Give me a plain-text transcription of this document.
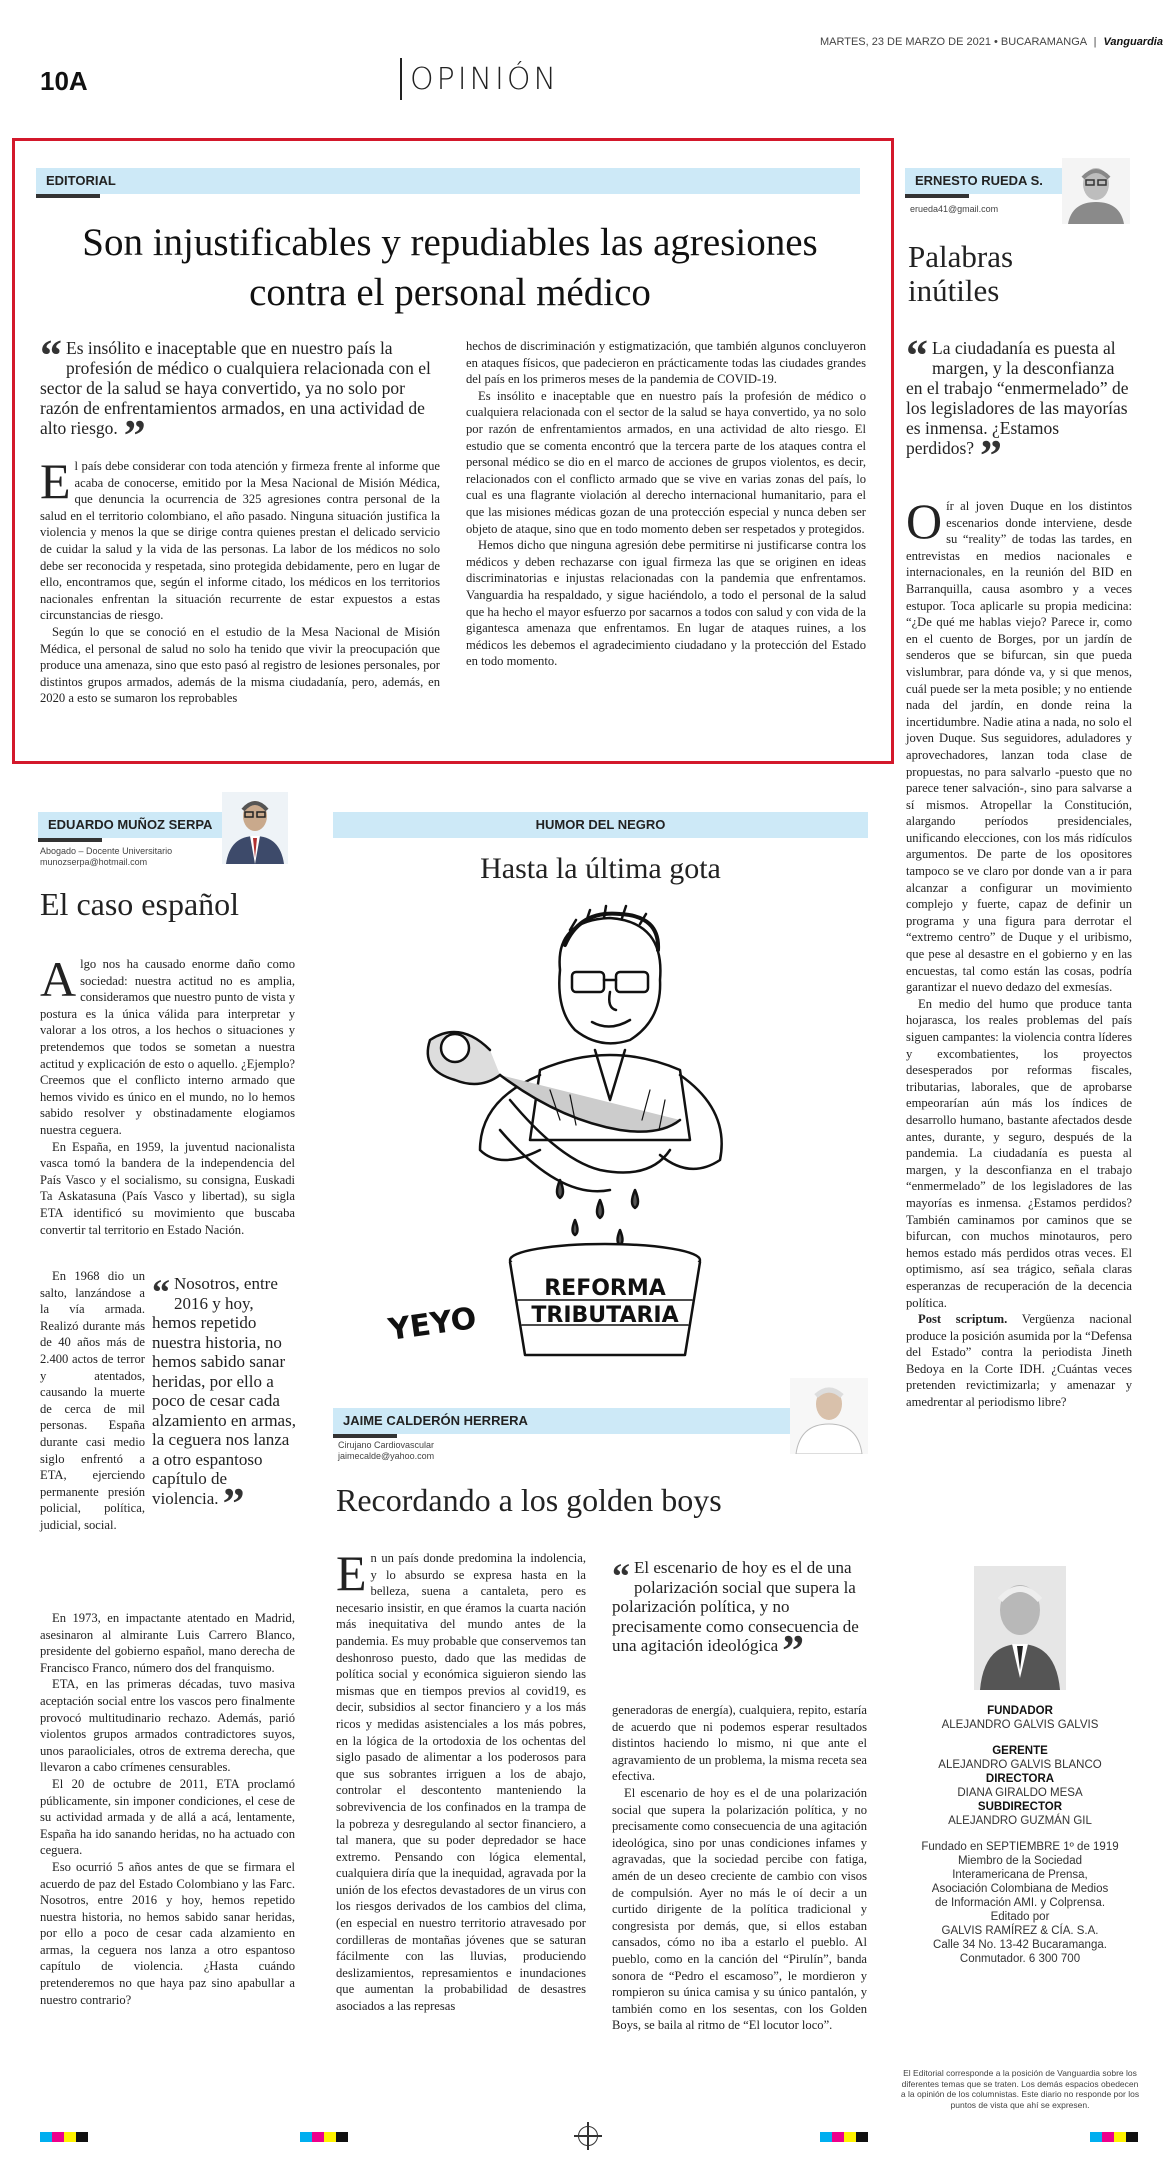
MARTES, 23 DE MARZO DE 2021 • BUCARAMANGA | Vanguardia
10A	OPINIÓN
EDITORIAL
Son injustificables y repudiables las agresiones contra el personal médico
“ Es insólito e inaceptable que en nuestro país la profesión de médico o cualquiera relacionada con el sector de la salud se haya convertido, ya no solo por razón de enfrentamientos armados, en una actividad de alto riesgo. ”

El país debe considerar con toda atención y firmeza frente al informe que acaba de conocerse, emitido por la Mesa Nacional de Misión Médica, que denuncia la ocurrencia de 325 agresiones contra personal de la salud en el territorio colombiano, el año pasado. Ninguna situación justifica la violencia y menos la que se dirige contra quienes prestan el delicado servicio de cuidar la salud y la vida de las personas. La labor de los médicos no solo debe ser reconocida y respetada, sino protegida debidamente, pero en lugar de ello, encontramos que, según el informe citado, los médicos en los territorios nacionales enfrentan la situación recurrente de estar expuestos a estas circunstancias de riesgo.

Según lo que se conoció en el estudio de la Mesa Nacional de Misión Médica, el personal de salud no solo ha tenido que vivir la preocupación que produce una amenaza, sino que esto pasó al registro de lesiones personales, por distintos grupos armados, además de la misma ciudadanía, pero, además, en 2020 a esto se sumaron los reprobables

hechos de discriminación y estigmatización, que también algunos concluyeron en ataques físicos, que padecieron en prácticamente todas las ciudades grandes del país en los primeros meses de la pandemia de COVID-19.

Es insólito e inaceptable que en nuestro país la profesión de médico o cualquiera relacionada con el sector de la salud se haya convertido, ya no solo por razón de enfrentamientos armados, en una actividad de alto riesgo. El estudio que se comenta encontró que la tercera parte de los ataques contra el personal médico se dio en el marco de acciones de grupos violentos, es decir, relacionados con el conflicto armado que se vive en varias zonas del país, lo cual es una flagrante violación al derecho internacional humanitario, para el que las misiones médicas gozan de una protección especial y nunca deben ser objeto de ataque, sino que en todo momento deben ser respetados y protegidos.

Hemos dicho que ninguna agresión debe permitirse ni justificarse contra los médicos y deben rechazarse con igual firmeza las que se originen en ideas discriminatorias e injustas relacionadas con la pandemia que enfrentamos. Vanguardia ha respaldado, y sigue haciéndolo, a todo el personal de la salud que ha hecho el mayor esfuerzo por sacarnos a todos con salud y con vida de la gigantesca amenaza que enfrentamos. En lugar de ataques ruines, a los médicos les debemos el agradecimiento ciudadano y la protección del Estado en todo momento.

ERNESTO RUEDA S.
erueda41@gmail.com
Palabras inútiles
“ La ciudadanía es puesta al margen, y la desconfianza en el trabajo “enmermelado” de los legisladores de las mayorías es inmensa. ¿Estamos perdidos? ”

Oír al joven Duque en los distintos escenarios donde interviene, desde su “reality” de todas las tardes, en entrevistas en medios nacionales e internacionales, en la reunión del BID en Barranquilla, causa asombro y a veces estupor. Toca aplicarle su propia medicina: “¿De qué me hablas viejo? Parece ir, como en el cuento de Borges, por un jardín de senderos que se bifurcan, sin que pueda vislumbrar, para dónde va, y si que menos, cuál puede ser la meta posible; y no entiende nada del jardín, en donde reina la incertidumbre. Nadie atina a nada, no solo el joven Duque. Sus seguidores, aduladores y aprovechadores, lanzan toda clase de propuestas, no para salvarlo -puesto que no parece tener salvación-, sino para salvarse a sí mismos. Atropellar la Constitución, alargando períodos presidenciales, unificando elecciones, con los más ridículos argumentos. De parte de los opositores tampoco se ve claro por donde van a ir para alcanzar a configurar un movimiento complejo y fuerte, capaz de definir un programa y una figura para derrotar el “extremo centro” de Duque y el uribismo, que pese al desastre en el gobierno y en las encuestas, tal como están las cosas, podría garantizar el nuevo dedazo del exmesías.

En medio del humo que produce tanta hojarasca, los reales problemas del país siguen campantes: la violencia contra líderes y excombatientes, los proyectos desesperados por reformas fiscales, tributarias, laborales, que de aprobarse empeorarían aún más los índices de desarrollo humano, bastante afectados desde antes, durante, y seguro, después de la pandemia. La ciudadanía es puesta al margen, y la desconfianza en el trabajo “enmermelado” de los legisladores de las mayorías es inmensa. ¿Estamos perdidos? También caminamos por caminos que se bifurcan, con muchos minotauros, pero hemos estado más perdidos otras veces. El optimismo, así sea trágico, señala claras esperanzas de recuperación de la decencia política.

Post scriptum. Vergüenza nacional produce la posición asumida por la “Defensa del Estado” contra la periodista Jineth Bedoya en la Corte IDH. ¿Cuántas veces pretenden revictimizarla; y amenazar y amedrentar al periodismo libre?

EDUARDO MUÑOZ SERPA
Abogado – Docente Universitario
munozserpa@hotmail.com
El caso español

Algo nos ha causado enorme daño como sociedad: nuestra actitud no es amplia, consideramos que nuestro punto de vista y postura es la única válida para interpretar y valorar a los otros, a los hechos o situaciones y pretendemos que todos se sometan a nuestra actitud y explicación de esto o aquello. ¿Ejemplo? Creemos que el conflicto interno armado que hemos vivido es único en el mundo, no lo hemos sabido resolver y obstinadamente elogiamos nuestra ceguera.

En España, en 1959, la juventud nacionalista vasca tomó la bandera de la independencia del País Vasco y el socialismo, su consigna, Euskadi Ta Askatasuna (País Vasco y libertad), su sigla ETA identificó su movimiento que buscaba convertir tal territorio en Estado Nación.

En 1968 dio un salto, lanzándose a la vía armada. Realizó durante más de 40 años más de 2.400 actos de terror y atentados, causando la muerte de cerca de mil personas. España durante casi medio siglo enfrentó a ETA, ejerciendo permanente presión policial, política, judicial, social.

“ Nosotros, entre 2016 y hoy, hemos repetido nuestra historia, no hemos sabido sanar heridas, por ello a poco de cesar cada alzamiento en armas, la ceguera nos lanza a otro espantoso capítulo de violencia.”

En 1973, en impactante atentado en Madrid, asesinaron al almirante Luis Carrero Blanco, presidente del gobierno español, mano derecha de Francisco Franco, número dos del franquismo.

ETA, en las primeras décadas, tuvo masiva aceptación social entre los vascos pero finalmente provocó multitudinario rechazo. Además, parió violentos grupos armados contradictores suyos, unos paraoliciales, otros de extrema derecha, que llevaron a cabo crímenes censurables.

El 20 de octubre de 2011, ETA proclamó públicamente, sin imponer condiciones, el cese de su actividad armada y de allá a acá, lentamente, España ha ido sanando heridas, no ha actuado con ceguera.

Eso ocurrió 5 años antes de que se firmara el acuerdo de paz del Estado Colombiano y las Farc. Nosotros, entre 2016 y hoy, hemos repetido nuestra historia, no hemos sabido sanar heridas, por ello a poco de cesar cada alzamiento en armas, la ceguera nos lanza a otro espantoso capítulo de violencia. ¿Hasta cuándo pretenderemos no que haya paz sino apabullar a nuestro contrario?

HUMOR DEL NEGRO
Hasta la última gota
REFORMA
TRIBUTARIA
YEYO
JAIME CALDERÓN HERRERA
Cirujano Cardiovascular
jaimecalde@yahoo.com
Recordando a los golden boys

En un país donde predomina la indolencia, y lo absurdo se expresa hasta en la belleza, suena a cantaleta, pero es necesario insistir, en que éramos la cuarta nación más inequitativa del mundo antes de la pandemia. Es muy probable que conservemos tan deshonroso puesto, dado que las medidas de política social y económica siguieron siendo las mismas que en tiempos previos al covid19, es decir, subsidios al sector financiero y a los más ricos y medidas asistenciales a los más pobres, en la lógica de la ortodoxia de los ochentas del siglo pasado de alimentar a los poderosos para que sus sobrantes irriguen a los de abajo, controlar el descontento manteniendo la sobrevivencia de los confinados en la trampa de la pobreza y desregulando al sector financiero, a tal manera, que su poder depredador se hace extremo. Pensando con lógica elemental, cualquiera diría que la inequidad, agravada por la unión de los efectos devastadores de un virus con los riesgos derivados de los cambios del clima, (en especial en nuestro territorio atravesado por cordilleras de montañas jóvenes que se saturan fácilmente con las lluvias, produciendo deslizamientos, represamientos e inundaciones que aumentan la probabilidad de desastres asociados a las represas

“ El escenario de hoy es el de una polarización social que supera la polarización política, y no precisamente como consecuencia de una agitación ideológica”

generadoras de energía), cualquiera, repito, estaría de acuerdo que ni podemos esperar resultados distintos haciendo lo mismo, ni que ante el agravamiento de un problema, la misma receta sea efectiva.

El escenario de hoy es el de una polarización social que supera la polarización política, y no precisamente como consecuencia de una agitación ideológica, sino por unas condiciones infames y agravadas, que la sociedad percibe con fatiga, amén de un deseo creciente de cambio con visos de compulsión. Ayer no más le oí decir a un curtido dirigente de la política tradicional y congresista por demás, que, si ellos estaban cansados, cómo no iba a estarlo el pueblo. Al pueblo, como en la canción del “Pirulín”, banda sonora de “Pedro el escamoso”, le mordieron y rompieron su única camisa y su único pantalón, y también como en los sesentas, con los Golden Boys, se baila al ritmo de “El locutor loco”.

FUNDADOR
ALEJANDRO GALVIS GALVIS
GERENTE
ALEJANDRO GALVIS BLANCO
DIRECTORA
DIANA GIRALDO MESA
SUBDIRECTOR
ALEJANDRO GUZMÁN GIL
Fundado en SEPTIEMBRE 1º de 1919
Miembro de la Sociedad
Interamericana de Prensa,
Asociación Colombiana de Medios
de Información AMI. y Colprensa.
Editado por
GALVIS RAMÍREZ & CÍA. S.A.
Calle 34 No. 13-42 Bucaramanga.
Conmutador. 6 300 700
El Editorial corresponde a la posición de Vanguardia sobre los diferentes temas que se traten. Los demás espacios obedecen a la opinión de los columnistas. Este diario no responde por los puntos de vista que ahí se expresen.
